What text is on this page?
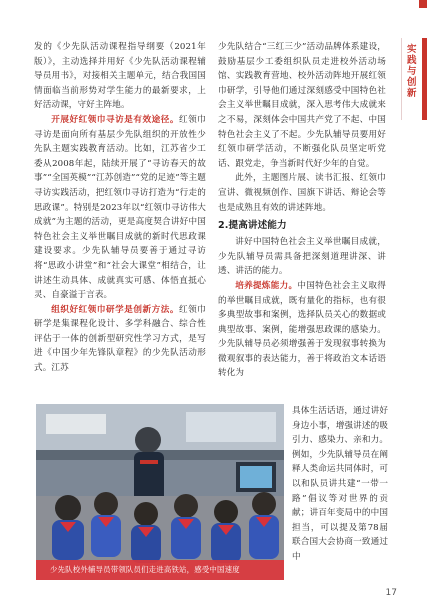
实践与创新

发的《少先队活动课程指导纲要（2021年版）》，主动选择并用好《少先队活动课程辅导员用书》，对接相关主题单元，结合我国国情面临当前形势对学生能力的最新要求，上好活动课，守好主阵地。

开展好红领巾寻访是有效途径。红领巾寻访是面向所有基层少先队组织的开放性少先队主题实践教育活动。比如，江苏省少工委从2008年起，陆续开展了“寻访春天的故事”“全国英模”“江苏创造”“党的足迹”等主题寻访实践活动，把红领巾寻访打造为“行走的思政课”。特别是2023年以“红领巾寻访伟大成就”为主题的活动，更是高度契合讲好中国特色社会主义举世瞩目成就的新时代思政课建设要求。少先队辅导员要善于通过寻访将“思政小讲堂”和“社会大课堂”相结合，让讲述生动具体、成就真实可感、体悟直抵心灵、自豪溢于言表。

组织好红领巾研学是创新方法。红领巾研学是集课程化设计、多学科融合、综合性评估于一体的创新型研究性学习方式，是写进《中国少年先锋队章程》的少先队活动形式。江苏

少先队结合“三红三少”活动品牌体系建设，鼓励基层少工委组织队员走进校外活动场馆、实践教育营地、校外活动阵地开展红领巾研学，引导他们通过深刻感受中国特色社会主义举世瞩目成就，深入思考伟大成就来之不易，深刻体会中国共产党了不起、中国特色社会主义了不起。少先队辅导员要用好红领巾研学活动，不断强化队员坚定听党话、跟党走，争当新时代好少年的自觉。

此外，主题图片展、读书汇报、红领巾宣讲、微视频创作、国旗下讲话、辩论会等也是成熟且有效的讲述阵地。

2.提高讲述能力

讲好中国特色社会主义举世瞩目成就，少先队辅导员需具备把深刻道理讲深、讲透、讲活的能力。

培养提炼能力。中国特色社会主义取得的举世瞩目成就，既有量化的指标，也有很多典型故事和案例，选择队员关心的数据或典型故事、案例，能增强思政课的感染力。少先队辅导员必须增强善于发现叙事转换为微观叙事的表达能力，善于将政治文本话语转化为

少先队校外辅导员带领队员们走进高铁站，感受中国速度

具体生活话语，通过讲好身边小事，增强讲述的吸引力、感染力、亲和力。例如，少先队辅导员在阐释人类命运共同体时，可以和队员讲共建“一带一路”倡议等对世界的贡献；讲百年变局中的中国担当，可以提及第78届联合国大会协商一致通过中

17
